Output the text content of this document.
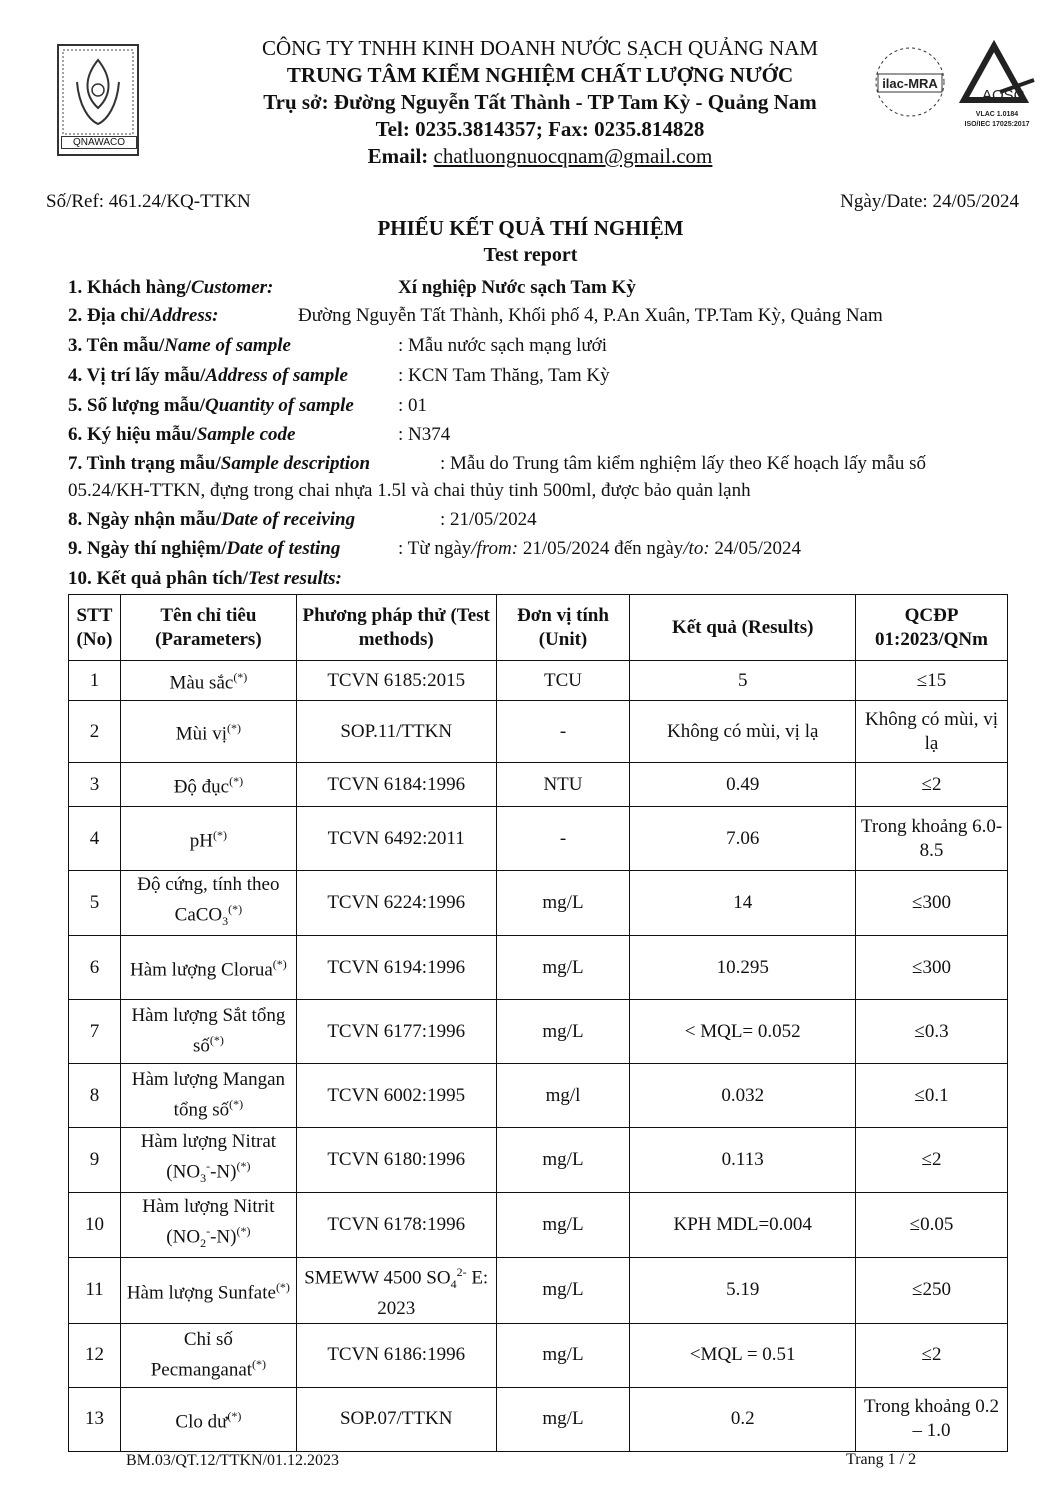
QNAWACO
ilac-MRA
AOSC
VLAC 1.0184
ISO/IEC 17025:2017
CÔNG TY TNHH KINH DOANH NƯỚC SẠCH QUẢNG NAM
TRUNG TÂM KIỂM NGHIỆM CHẤT LƯỢNG NƯỚC
Trụ sở: Đường Nguyễn Tất Thành - TP Tam Kỳ - Quảng Nam
Tel: 0235.3814357; Fax: 0235.814828
Email: chatluongnuocqnam@gmail.com
Số/Ref: 461.24/KQ-TTKN	Ngày/Date: 24/05/2024
PHIẾU KẾT QUẢ THÍ NGHIỆM
Test report
1. Khách hàng/Customer:	Xí nghiệp Nước sạch Tam Kỳ
2. Địa chỉ/Address:	Đường Nguyễn Tất Thành, Khối phố 4, P.An Xuân, TP.Tam Kỳ, Quảng Nam
3. Tên mẫu/Name of sample	: Mẫu nước sạch mạng lưới
4. Vị trí lấy mẫu/Address of sample	: KCN Tam Thăng, Tam Kỳ
5. Số lượng mẫu/Quantity of sample : 01
6. Ký hiệu mẫu/Sample code	: N374
7. Tình trạng mẫu/Sample description	: Mẫu do Trung tâm kiểm nghiệm lấy theo Kế hoạch lấy mẫu số
05.24/KH-TTKN, đựng trong chai nhựa 1.5l và chai thủy tinh 500ml, được bảo quản lạnh
8. Ngày nhận mẫu/Date of receiving	: 21/05/2024
9. Ngày thí nghiệm/Date of testing	: Từ ngày/from: 21/05/2024 đến ngày/to: 24/05/2024
10. Kết quả phân tích/Test results:
STT (No)	Tên chỉ tiêu (Parameters)	Phương pháp thử (Test methods)	Đơn vị tính (Unit)	Kết quả (Results)	QCĐP 01:2023/QNm
1	Màu sắc(*)	TCVN 6185:2015	TCU	5	≤15
2	Mùi vị(*)	SOP.11/TTKN	-	Không có mùi, vị lạ	Không có mùi, vị lạ
3	Độ đục(*)	TCVN 6184:1996	NTU	0.49	≤2
4	pH(*)	TCVN 6492:2011	-	7.06	Trong khoảng 6.0-8.5
5	Độ cứng, tính theo CaCO$_3$(*)	TCVN 6224:1996	mg/L	14	≤300
6	Hàm lượng Clorua(*)	TCVN 6194:1996	mg/L	10.295	≤300
7	Hàm lượng Sắt tổng số(*)	TCVN 6177:1996	mg/L	< MQL= 0.052	≤0.3
8	Hàm lượng Mangan tổng số(*)	TCVN 6002:1995	mg/l	0.032	≤0.1
9	Hàm lượng Nitrat $(NO_3^--N)^{(*)}$	TCVN 6180:1996	mg/L	0.113	≤2
10	Hàm lượng Nitrit $(NO_2^--N)^{(*)}$	TCVN 6178:1996	mg/L	KPH MDL=0.004	≤0.05
11	Hàm lượng Sunfate(*)	SMEWW 4500 $SO_4^{2-}$ E: 2023	mg/L	5.19	≤250
12	Chỉ số Pecmanganat(*)	TCVN 6186:1996	mg/L	<MQL = 0.51	≤2
13	Clo dư(*)	SOP.07/TTKN	mg/L	0.2	Trong khoảng 0.2 – 1.0
BM.03/QT.12/TTKN/01.12.2023	Trang 1 / 2
